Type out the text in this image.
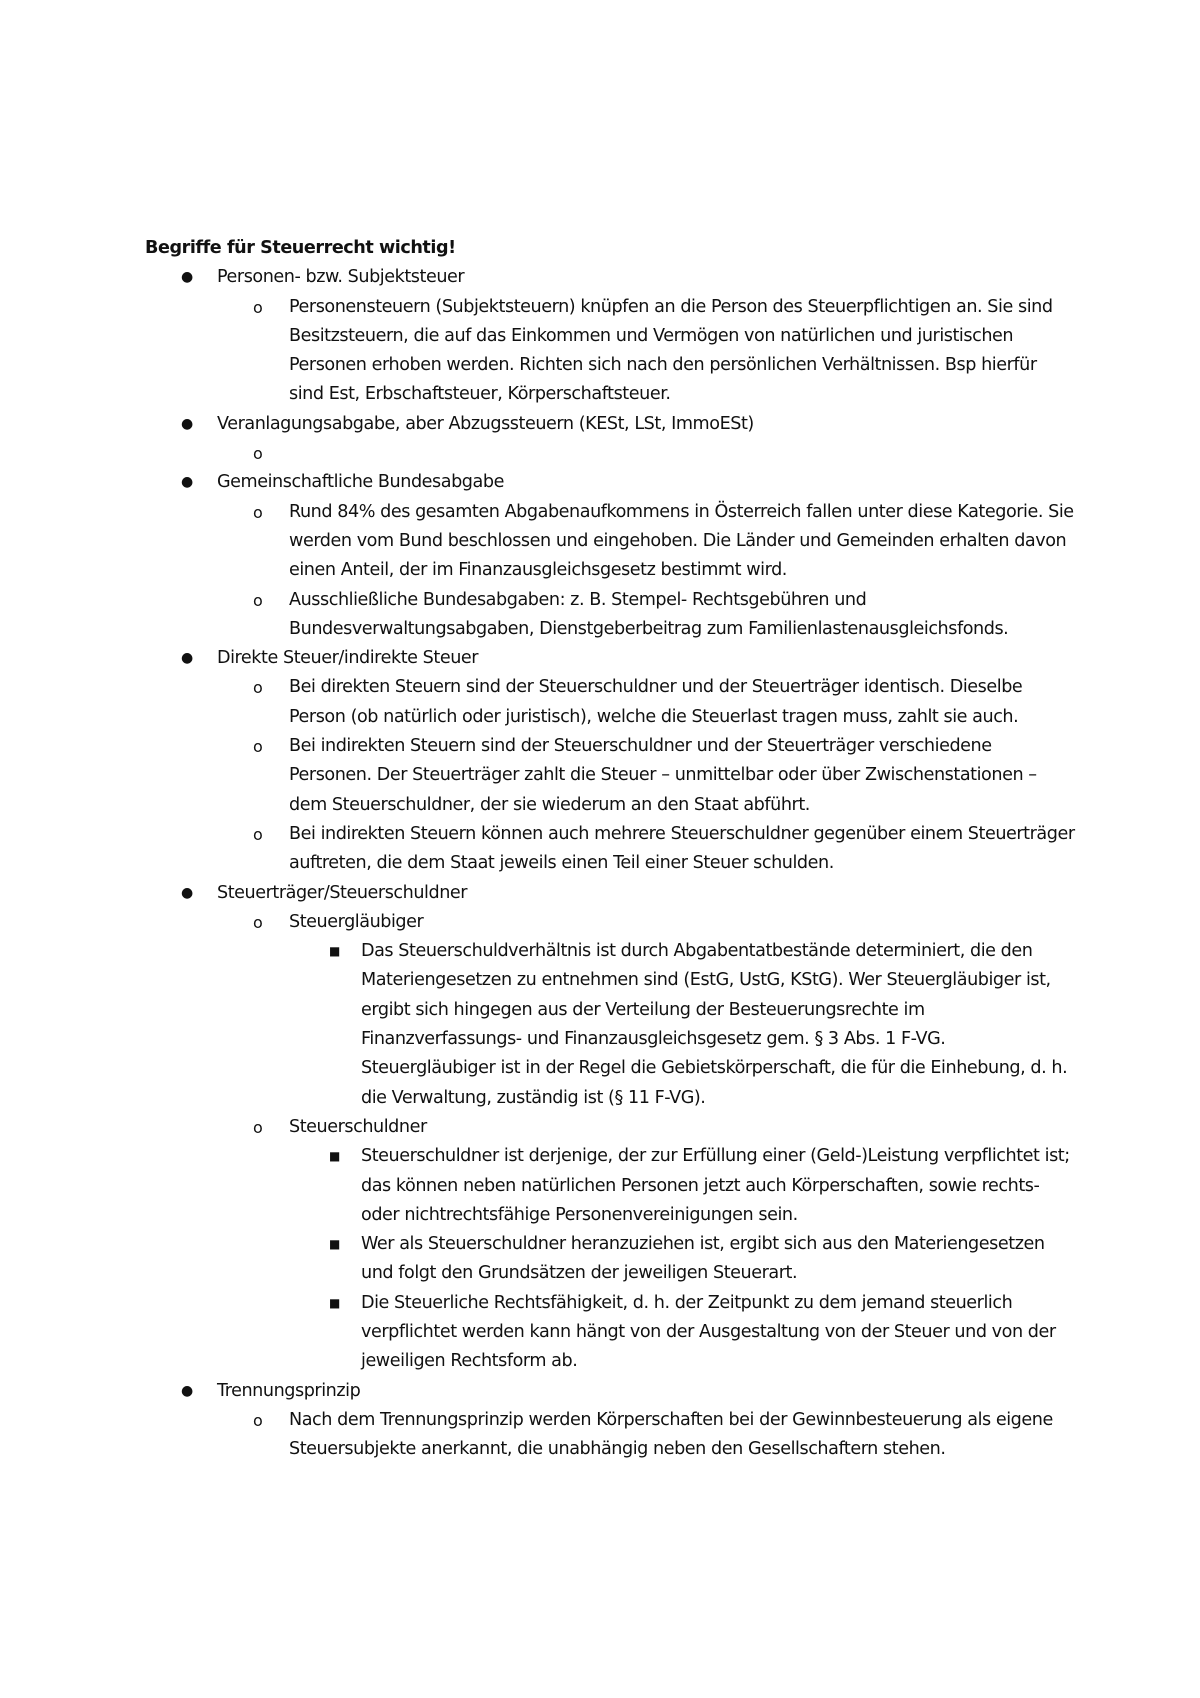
Begriffe für Steuerrecht wichtig!
● Personen- bzw. Subjektsteuer
o Personensteuern (Subjektsteuern) knüpfen an die Person des Steuerpflichtigen an. Sie sind Besitzsteuern, die auf das Einkommen und Vermögen von natürlichen und juristischen Personen erhoben werden. Richten sich nach den persönlichen Verhältnissen. Bsp hierfür sind Est, Erbschaftsteuer, Körperschaftsteuer.
● Veranlagungsabgabe, aber Abzugssteuern (KESt, LSt, ImmoESt)
o
● Gemeinschaftliche Bundesabgabe
o Rund 84% des gesamten Abgabenaufkommens in Österreich fallen unter diese Kategorie. Sie werden vom Bund beschlossen und eingehoben. Die Länder und Gemeinden erhalten davon einen Anteil, der im Finanzausgleichsgesetz bestimmt wird.
o Ausschließliche Bundesabgaben: z. B. Stempel- Rechtsgebühren und Bundesverwaltungsabgaben, Dienstgeberbeitrag zum Familienlastenausgleichsfonds.
● Direkte Steuer/indirekte Steuer
o Bei direkten Steuern sind der Steuerschuldner und der Steuerträger identisch. Dieselbe Person (ob natürlich oder juristisch), welche die Steuerlast tragen muss, zahlt sie auch.
o Bei indirekten Steuern sind der Steuerschuldner und der Steuerträger verschiedene Personen. Der Steuerträger zahlt die Steuer – unmittelbar oder über Zwischenstationen – dem Steuerschuldner, der sie wiederum an den Staat abführt.
o Bei indirekten Steuern können auch mehrere Steuerschuldner gegenüber einem Steuerträger auftreten, die dem Staat jeweils einen Teil einer Steuer schulden.
● Steuerträger/Steuerschuldner
o Steuergläubiger
■ Das Steuerschuldverhältnis ist durch Abgabentatbestände determiniert, die den Materiengesetzen zu entnehmen sind (EstG, UstG, KStG). Wer Steuergläubiger ist, ergibt sich hingegen aus der Verteilung der Besteuerungsrechte im Finanzverfassungs- und Finanzausgleichsgesetz gem. § 3 Abs. 1 F-VG. Steuergläubiger ist in der Regel die Gebietskörperschaft, die für die Einhebung, d. h. die Verwaltung, zuständig ist (§ 11 F-VG).
o Steuerschuldner
■ Steuerschuldner ist derjenige, der zur Erfüllung einer (Geld-)Leistung verpflichtet ist; das können neben natürlichen Personen jetzt auch Körperschaften, sowie rechts- oder nichtrechtsfähige Personenvereinigungen sein.
■ Wer als Steuerschuldner heranzuziehen ist, ergibt sich aus den Materiengesetzen und folgt den Grundsätzen der jeweiligen Steuerart.
■ Die Steuerliche Rechtsfähigkeit, d. h. der Zeitpunkt zu dem jemand steuerlich verpflichtet werden kann hängt von der Ausgestaltung von der Steuer und von der jeweiligen Rechtsform ab.
● Trennungsprinzip
o Nach dem Trennungsprinzip werden Körperschaften bei der Gewinnbesteuerung als eigene Steuersubjekte anerkannt, die unabhängig neben den Gesellschaftern stehen.
